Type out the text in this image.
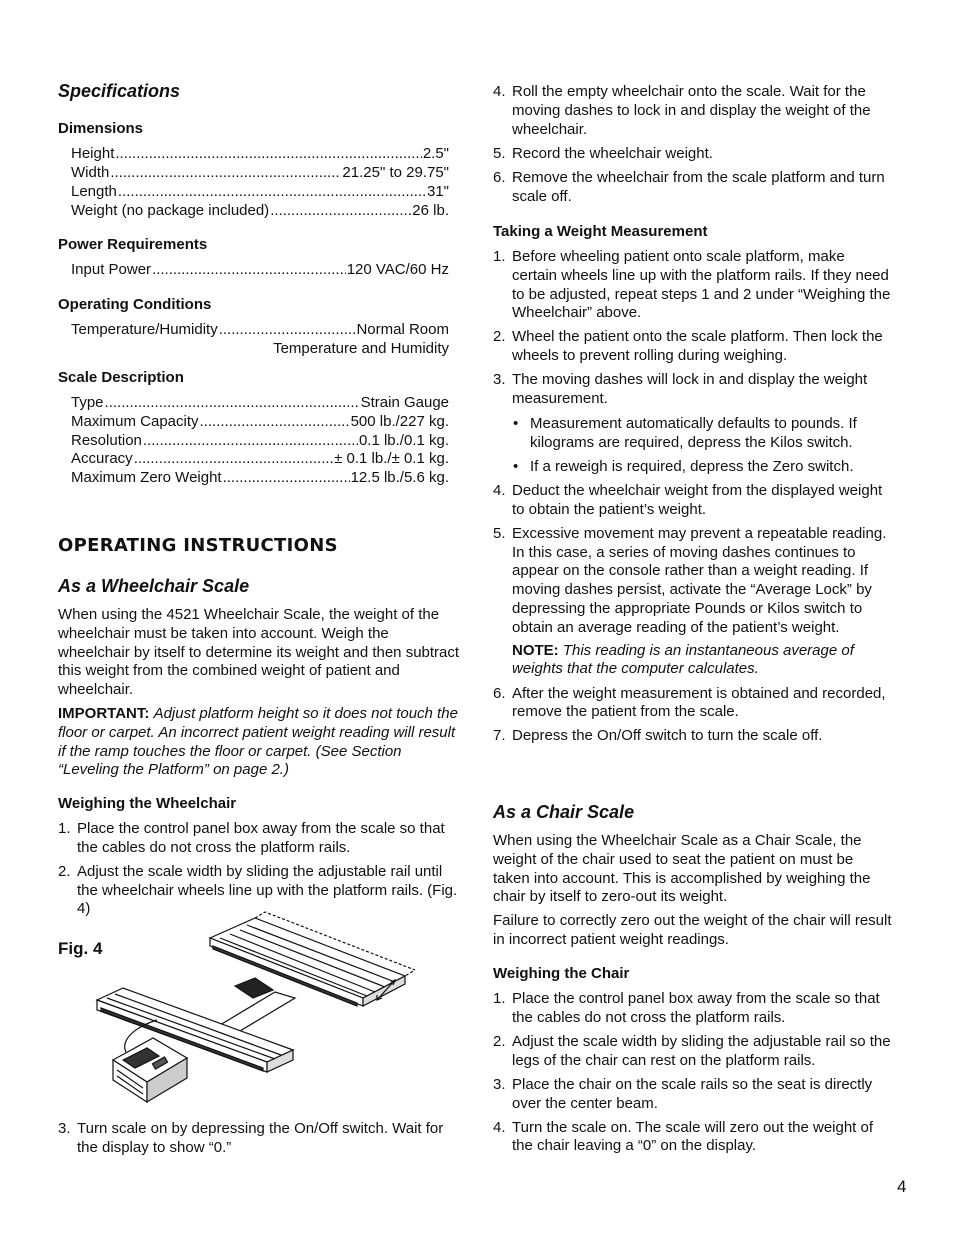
Specifications
Dimensions
Height .....	2.5"
Width .....	21.25" to 29.75"
Length .....	31"
Weight (no package included) .....	26 lb.
Power Requirements
Input Power .....	120 VAC/60 Hz
Operating Conditions
Temperature/Humidity .....	Normal Room
Temperature and Humidity
Scale Description
Type .....	Strain Gauge
Maximum Capacity .....	500 lb./227 kg.
Resolution .....	0.1 lb./0.1 kg.
Accuracy .....	± 0.1 lb./± 0.1 kg.
Maximum Zero Weight .....	12.5 lb./5.6 kg.
OPERATING INSTRUCTIONS
As a Wheelchair Scale

When using the 4521 Wheelchair Scale, the weight of the wheelchair must be taken into account. Weigh the wheelchair by itself to determine its weight and then subtract this weight from the combined weight of patient and wheelchair.

IMPORTANT: Adjust platform height so it does not touch the floor or carpet. An incorrect patient weight reading will result if the ramp touches the floor or carpet. (See Section “Leveling the Platform” on page 2.)

Weighing the Wheelchair
1. Place the control panel box away from the scale so that the cables do not cross the platform rails.
2. Adjust the scale width by sliding the adjustable rail until the wheelchair wheels line up with the platform rails. (Fig. 4)
Fig. 4
3. Turn scale on by depressing the On/Off switch. Wait for the display to show “0.”
4. Roll the empty wheelchair onto the scale. Wait for the moving dashes to lock in and display the weight of the wheelchair.
5. Record the wheelchair weight.
6. Remove the wheelchair from the scale platform and turn scale off.
Taking a Weight Measurement
1. Before wheeling patient onto scale platform, make certain wheels line up with the platform rails. If they need to be adjusted, repeat steps 1 and 2 under “Weighing the Wheelchair” above.
2. Wheel the patient onto the scale platform. Then lock the wheels to prevent rolling during weighing.
3. The moving dashes will lock in and display the weight measurement.
• Measurement automatically defaults to pounds. If kilograms are required, depress the Kilos switch.
• If a reweigh is required, depress the Zero switch.
4. Deduct the wheelchair weight from the displayed weight to obtain the patient’s weight.
5. Excessive movement may prevent a repeatable reading. In this case, a series of moving dashes continues to appear on the console rather than a weight reading. If moving dashes persist, activate the “Average Lock” by depressing the appropriate Pounds or Kilos switch to obtain an average reading of the patient’s weight.
NOTE: This reading is an instantaneous average of weights that the computer calculates.
6. After the weight measurement is obtained and recorded, remove the patient from the scale.
7. Depress the On/Off switch to turn the scale off.
As a Chair Scale

When using the Wheelchair Scale as a Chair Scale, the weight of the chair used to seat the patient on must be taken into account. This is accomplished by weighing the chair by itself to zero-out its weight.

Failure to correctly zero out the weight of the chair will result in incorrect patient weight readings.

Weighing the Chair
1. Place the control panel box away from the scale so that the cables do not cross the platform rails.
2. Adjust the scale width by sliding the adjustable rail so the legs of the chair can rest on the platform rails.
3. Place the chair on the scale rails so the seat is directly over the center beam.
4. Turn the scale on. The scale will zero out the weight of the chair leaving a “0” on the display.
4
